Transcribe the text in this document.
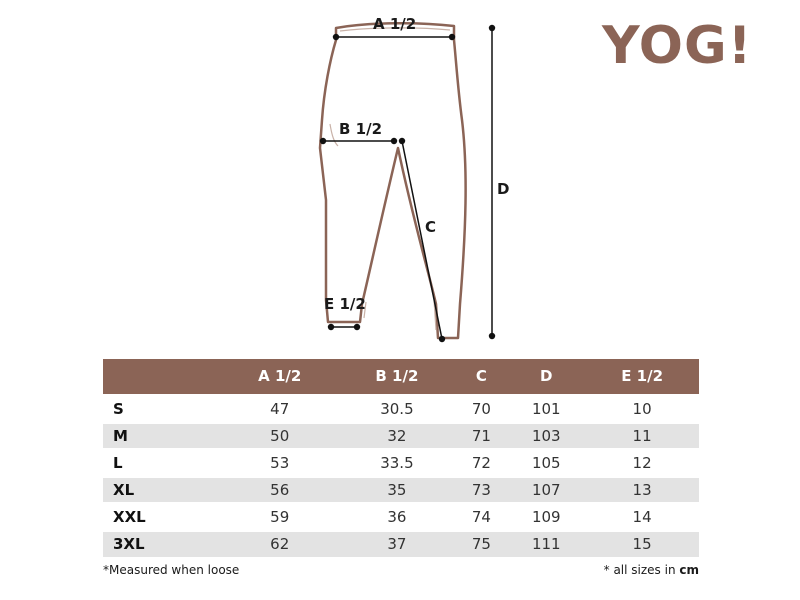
A 1/2
B 1/2
C
D
E 1/2
YOG!
	A 1/2	B 1/2	C	D	E 1/2
S	47	30.5	70	101	10
M	50	32	71	103	11
L	53	33.5	72	105	12
XL	56	35	73	107	13
XXL	59	36	74	109	14
3XL	62	37	75	111	15
*Measured when loose	* all sizes in cm
